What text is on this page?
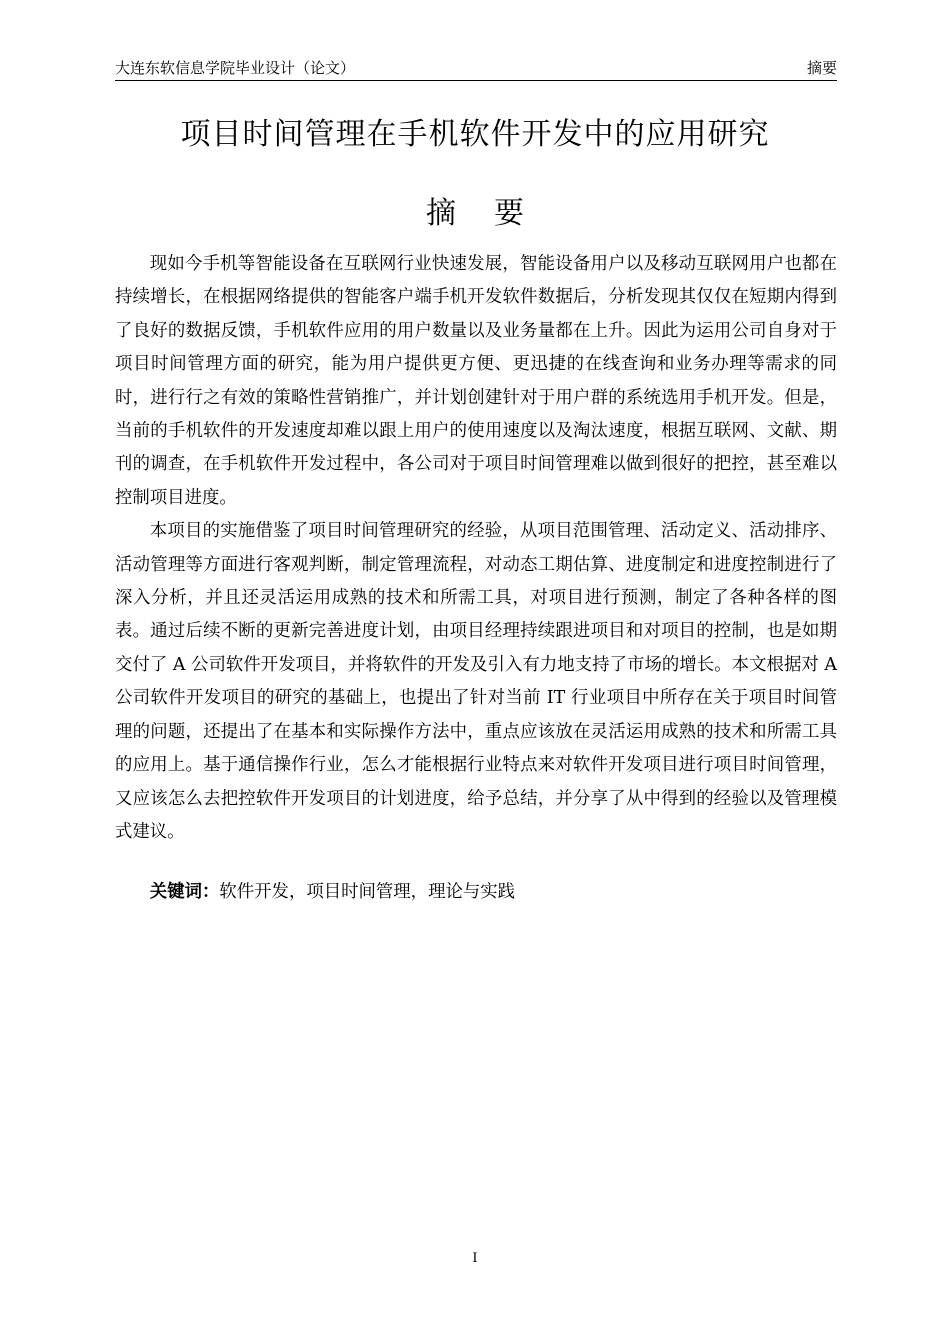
大连东软信息学院毕业设计（论文）	摘要
项目时间管理在手机软件开发中的应用研究
摘 要

现如今手机等智能设备在互联网行业快速发展，智能设备用户以及移动互联网用户也都在持续增长，在根据网络提供的智能客户端手机开发软件数据后，分析发现其仅仅在短期内得到了良好的数据反馈，手机软件应用的用户数量以及业务量都在上升。因此为运用公司自身对于项目时间管理方面的研究，能为用户提供更方便、更迅捷的在线查询和业务办理等需求的同时，进行行之有效的策略性营销推广，并计划创建针对于用户群的系统选用手机开发。但是，当前的手机软件的开发速度却难以跟上用户的使用速度以及淘汰速度，根据互联网、文献、期刊的调查，在手机软件开发过程中，各公司对于项目时间管理难以做到很好的把控，甚至难以控制项目进度。

本项目的实施借鉴了项目时间管理研究的经验，从项目范围管理、活动定义、活动排序、活动管理等方面进行客观判断，制定管理流程，对动态工期估算、进度制定和进度控制进行了深入分析，并且还灵活运用成熟的技术和所需工具，对项目进行预测，制定了各种各样的图表。通过后续不断的更新完善进度计划，由项目经理持续跟进项目和对项目的控制，也是如期交付了 A 公司软件开发项目，并将软件的开发及引入有力地支持了市场的增长。本文根据对 A 公司软件开发项目的研究的基础上，也提出了针对当前 IT 行业项目中所存在关于项目时间管理的问题，还提出了在基本和实际操作方法中，重点应该放在灵活运用成熟的技术和所需工具的应用上。基于通信操作行业，怎么才能根据行业特点来对软件开发项目进行项目时间管理，又应该怎么去把控软件开发项目的计划进度，给予总结，并分享了从中得到的经验以及管理模式建议。

关键词：软件开发，项目时间管理，理论与实践
I
